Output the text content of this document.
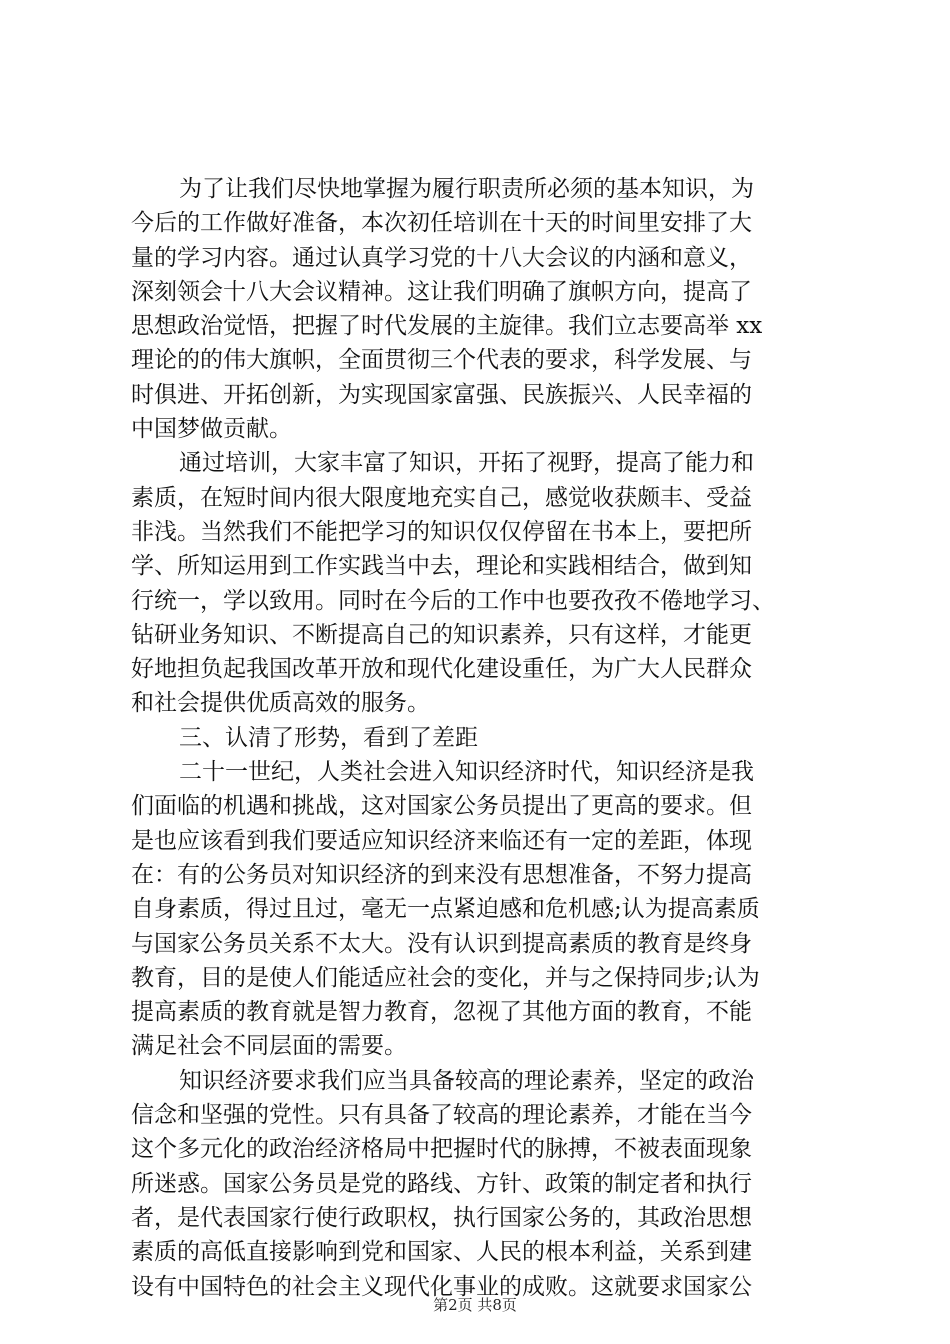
为了让我们尽快地掌握为履行职责所必须的基本知识，为
今后的工作做好准备，本次初任培训在十天的时间里安排了大
量的学习内容。通过认真学习党的十八大会议的内涵和意义，
深刻领会十八大会议精神。这让我们明确了旗帜方向，提高了
思想政治觉悟，把握了时代发展的主旋律。我们立志要高举 xx
理论的的伟大旗帜，全面贯彻三个代表的要求，科学发展、与
时俱进、开拓创新，为实现国家富强、民族振兴、人民幸福的
中国梦做贡献。
通过培训，大家丰富了知识，开拓了视野，提高了能力和
素质，在短时间内很大限度地充实自己，感觉收获颇丰、受益
非浅。当然我们不能把学习的知识仅仅停留在书本上，要把所
学、所知运用到工作实践当中去，理论和实践相结合，做到知
行统一，学以致用。同时在今后的工作中也要孜孜不倦地学习、
钻研业务知识、不断提高自己的知识素养，只有这样，才能更
好地担负起我国改革开放和现代化建设重任，为广大人民群众
和社会提供优质高效的服务。
三、认清了形势，看到了差距
二十一世纪，人类社会进入知识经济时代，知识经济是我
们面临的机遇和挑战，这对国家公务员提出了更高的要求。但
是也应该看到我们要适应知识经济来临还有一定的差距，体现
在：有的公务员对知识经济的到来没有思想准备，不努力提高
自身素质，得过且过，毫无一点紧迫感和危机感;认为提高素质
与国家公务员关系不太大。没有认识到提高素质的教育是终身
教育，目的是使人们能适应社会的变化，并与之保持同步;认为
提高素质的教育就是智力教育，忽视了其他方面的教育，不能
满足社会不同层面的需要。
知识经济要求我们应当具备较高的理论素养，坚定的政治
信念和坚强的党性。只有具备了较高的理论素养，才能在当今
这个多元化的政治经济格局中把握时代的脉搏，不被表面现象
所迷惑。国家公务员是党的路线、方针、政策的制定者和执行
者，是代表国家行使行政职权，执行国家公务的，其政治思想
素质的高低直接影响到党和国家、人民的根本利益，关系到建
设有中国特色的社会主义现代化事业的成败。这就要求国家公
第2页 共8页
